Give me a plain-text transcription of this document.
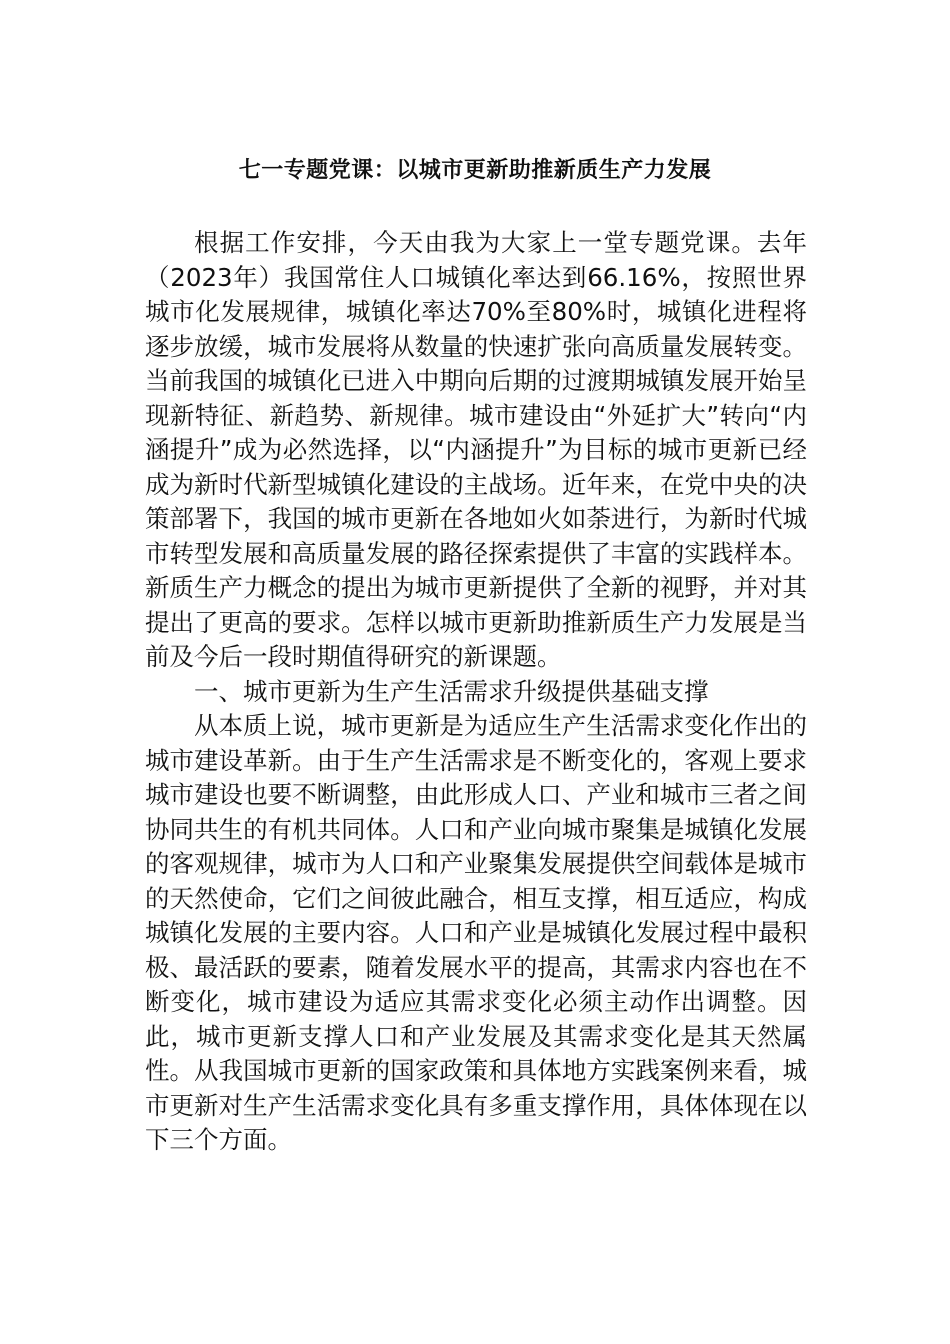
七一专题党课：以城市更新助推新质生产力发展

根据工作安排，今天由我为大家上一堂专题党课。去年（2023年）我国常住人口城镇化率达到66.16%，按照世界城市化发展规律，城镇化率达70%至80%时，城镇化进程将逐步放缓，城市发展将从数量的快速扩张向高质量发展转变。当前我国的城镇化已进入中期向后期的过渡期城镇发展开始呈现新特征、新趋势、新规律。城市建设由“外延扩大”转向“内涵提升”成为必然选择，以“内涵提升”为目标的城市更新已经成为新时代新型城镇化建设的主战场。近年来，在党中央的决策部署下，我国的城市更新在各地如火如荼进行，为新时代城市转型发展和高质量发展的路径探索提供了丰富的实践样本。新质生产力概念的提出为城市更新提供了全新的视野，并对其提出了更高的要求。怎样以城市更新助推新质生产力发展是当前及今后一段时期值得研究的新课题。

一、城市更新为生产生活需求升级提供基础支撑

从本质上说，城市更新是为适应生产生活需求变化作出的城市建设革新。由于生产生活需求是不断变化的，客观上要求城市建设也要不断调整，由此形成人口、产业和城市三者之间协同共生的有机共同体。人口和产业向城市聚集是城镇化发展的客观规律，城市为人口和产业聚集发展提供空间载体是城市的天然使命，它们之间彼此融合，相互支撑，相互适应，构成城镇化发展的主要内容。人口和产业是城镇化发展过程中最积极、最活跃的要素，随着发展水平的提高，其需求内容也在不断变化，城市建设为适应其需求变化必须主动作出调整。因此，城市更新支撑人口和产业发展及其需求变化是其天然属性。从我国城市更新的国家政策和具体地方实践案例来看，城市更新对生产生活需求变化具有多重支撑作用，具体体现在以下三个方面。
